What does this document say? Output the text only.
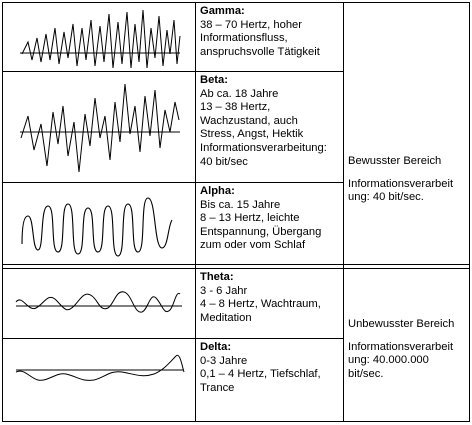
Gamma:
38 – 70 Hertz, hoher
Informationsfluss,
anspruchsvolle Tätigkeit
Beta:
Ab ca. 18 Jahre
13 – 38 Hertz,
Wachzustand, auch
Stress, Angst, Hektik
Informationsverarbeitung:
40 bit/sec
Alpha:
Bis ca. 15 Jahre
8 – 13 Hertz, leichte
Entspannung, Übergang
zum oder vom Schlaf
Theta:
3 - 6 Jahr
4 – 8 Hertz, Wachtraum,
Meditation
Delta:
0-3 Jahre
0,1 – 4 Hertz, Tiefschlaf,
Trance
Bewusster Bereich
Informationsverarbeit
ung: 40 bit/sec.
Unbewusster Bereich
Informationsverarbeit
ung: 40.000.000
bit/sec.
